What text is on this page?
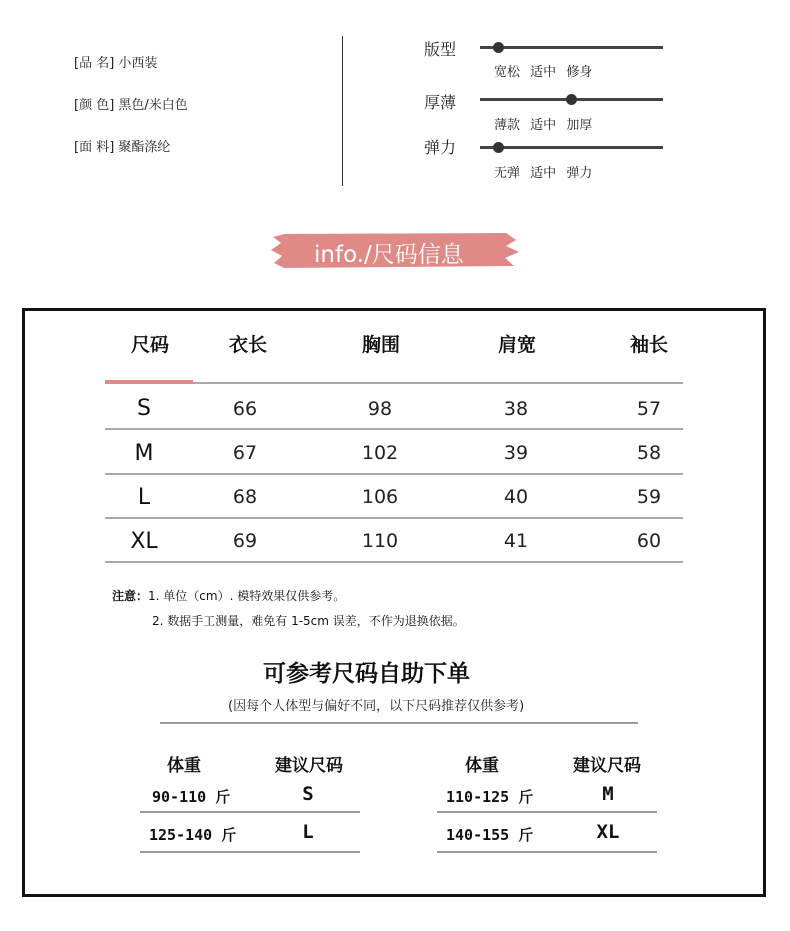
[品 名] 小西装
[颜 色] 黑色/米白色
[面 料] 聚酯涤纶
版型
宽松 适中 修身
厚薄
薄款 适中 加厚
弹力
无弹 适中 弹力
info./尺码信息
尺码	衣长	胸围	肩宽	袖长
S	66	98	38	57
M	67	102	39	58
L	68	106	40	59
XL	69	110	41	60
注意：1. 单位（cm）. 模特效果仅供参考。
2. 数据手工测量，难免有 1-5cm 误差，不作为退换依据。
可参考尺码自助下单
(因每个人体型与偏好不同，以下尺码推荐仅供参考)
体重	建议尺码
90-110 斤	S
125-140 斤	L
体重	建议尺码
110-125 斤	M
140-155 斤	XL
